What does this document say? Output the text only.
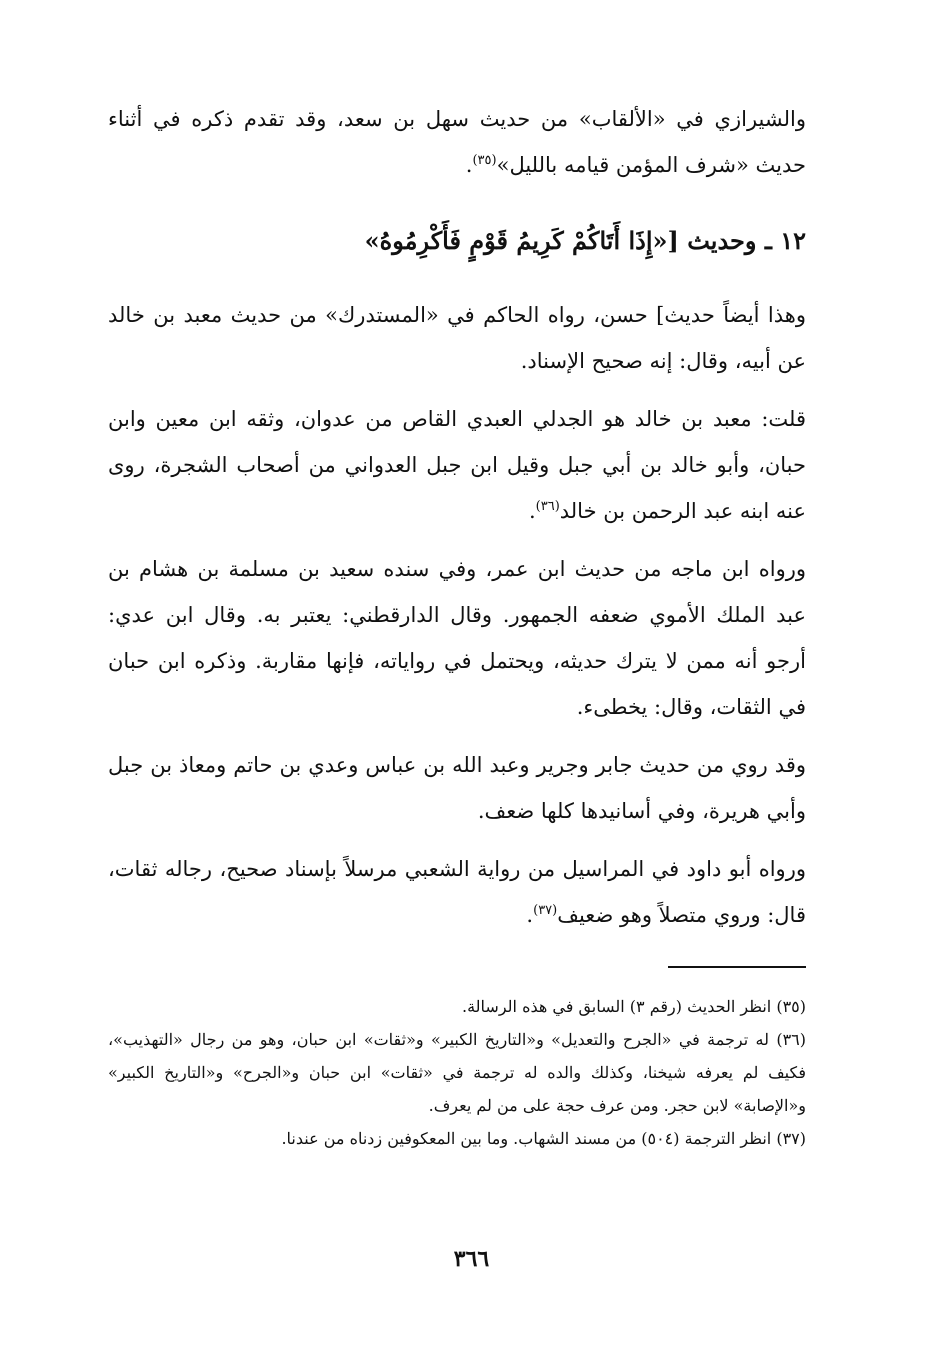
والشيرازي في «الألقاب» من حديث سهل بن سعد، وقد تقدم ذكره في أثناء حديث «شرف المؤمن قيامه بالليل»$^{(٣٥)}$.

١٢ ـ وحديث [«إِذَا أَتَاكُمْ كَرِيمُ قَوْمٍ فَأَكْرِمُوهُ»

وهذا أيضاً حديث] حسن، رواه الحاكم في «المستدرك» من حديث معبد بن خالد عن أبيه، وقال: إنه صحيح الإسناد.

قلت: معبد بن خالد هو الجدلي العبدي القاص من عدوان، وثقه ابن معين وابن حبان، وأبو خالد بن أبي جبل وقيل ابن جبل العدواني من أصحاب الشجرة، روى عنه ابنه عبد الرحمن بن خالد$^{(٣٦)}$.

ورواه ابن ماجه من حديث ابن عمر، وفي سنده سعيد بن مسلمة بن هشام بن عبد الملك الأموي ضعفه الجمهور. وقال الدارقطني: يعتبر به. وقال ابن عدي: أرجو أنه ممن لا يترك حديثه، ويحتمل في رواياته، فإنها مقاربة. وذكره ابن حبان في الثقات، وقال: يخطىء.

وقد روي من حديث جابر وجرير وعبد الله بن عباس وعدي بن حاتم ومعاذ بن جبل وأبي هريرة، وفي أسانيدها كلها ضعف.

ورواه أبو داود في المراسيل من رواية الشعبي مرسلاً بإسناد صحيح، رجاله ثقات، قال: وروي متصلاً وهو ضعيف$^{(٣٧)}$.

(٣٥) انظر الحديث (رقم ٣) السابق في هذه الرسالة.

(٣٦) له ترجمة في «الجرح والتعديل» و«التاريخ الكبير» و«ثقات» ابن حبان، وهو من رجال «التهذيب»، فكيف لم يعرفه شيخنا، وكذلك والده له ترجمة في «ثقات» ابن حبان و«الجرح» و«التاريخ الكبير» و«الإصابة» لابن حجر. ومن عرف حجة على من لم يعرف.

(٣٧) انظر الترجمة (٥٠٤) من مسند الشهاب. وما بين المعكوفين زدناه من عندنا.

٣٦٦
